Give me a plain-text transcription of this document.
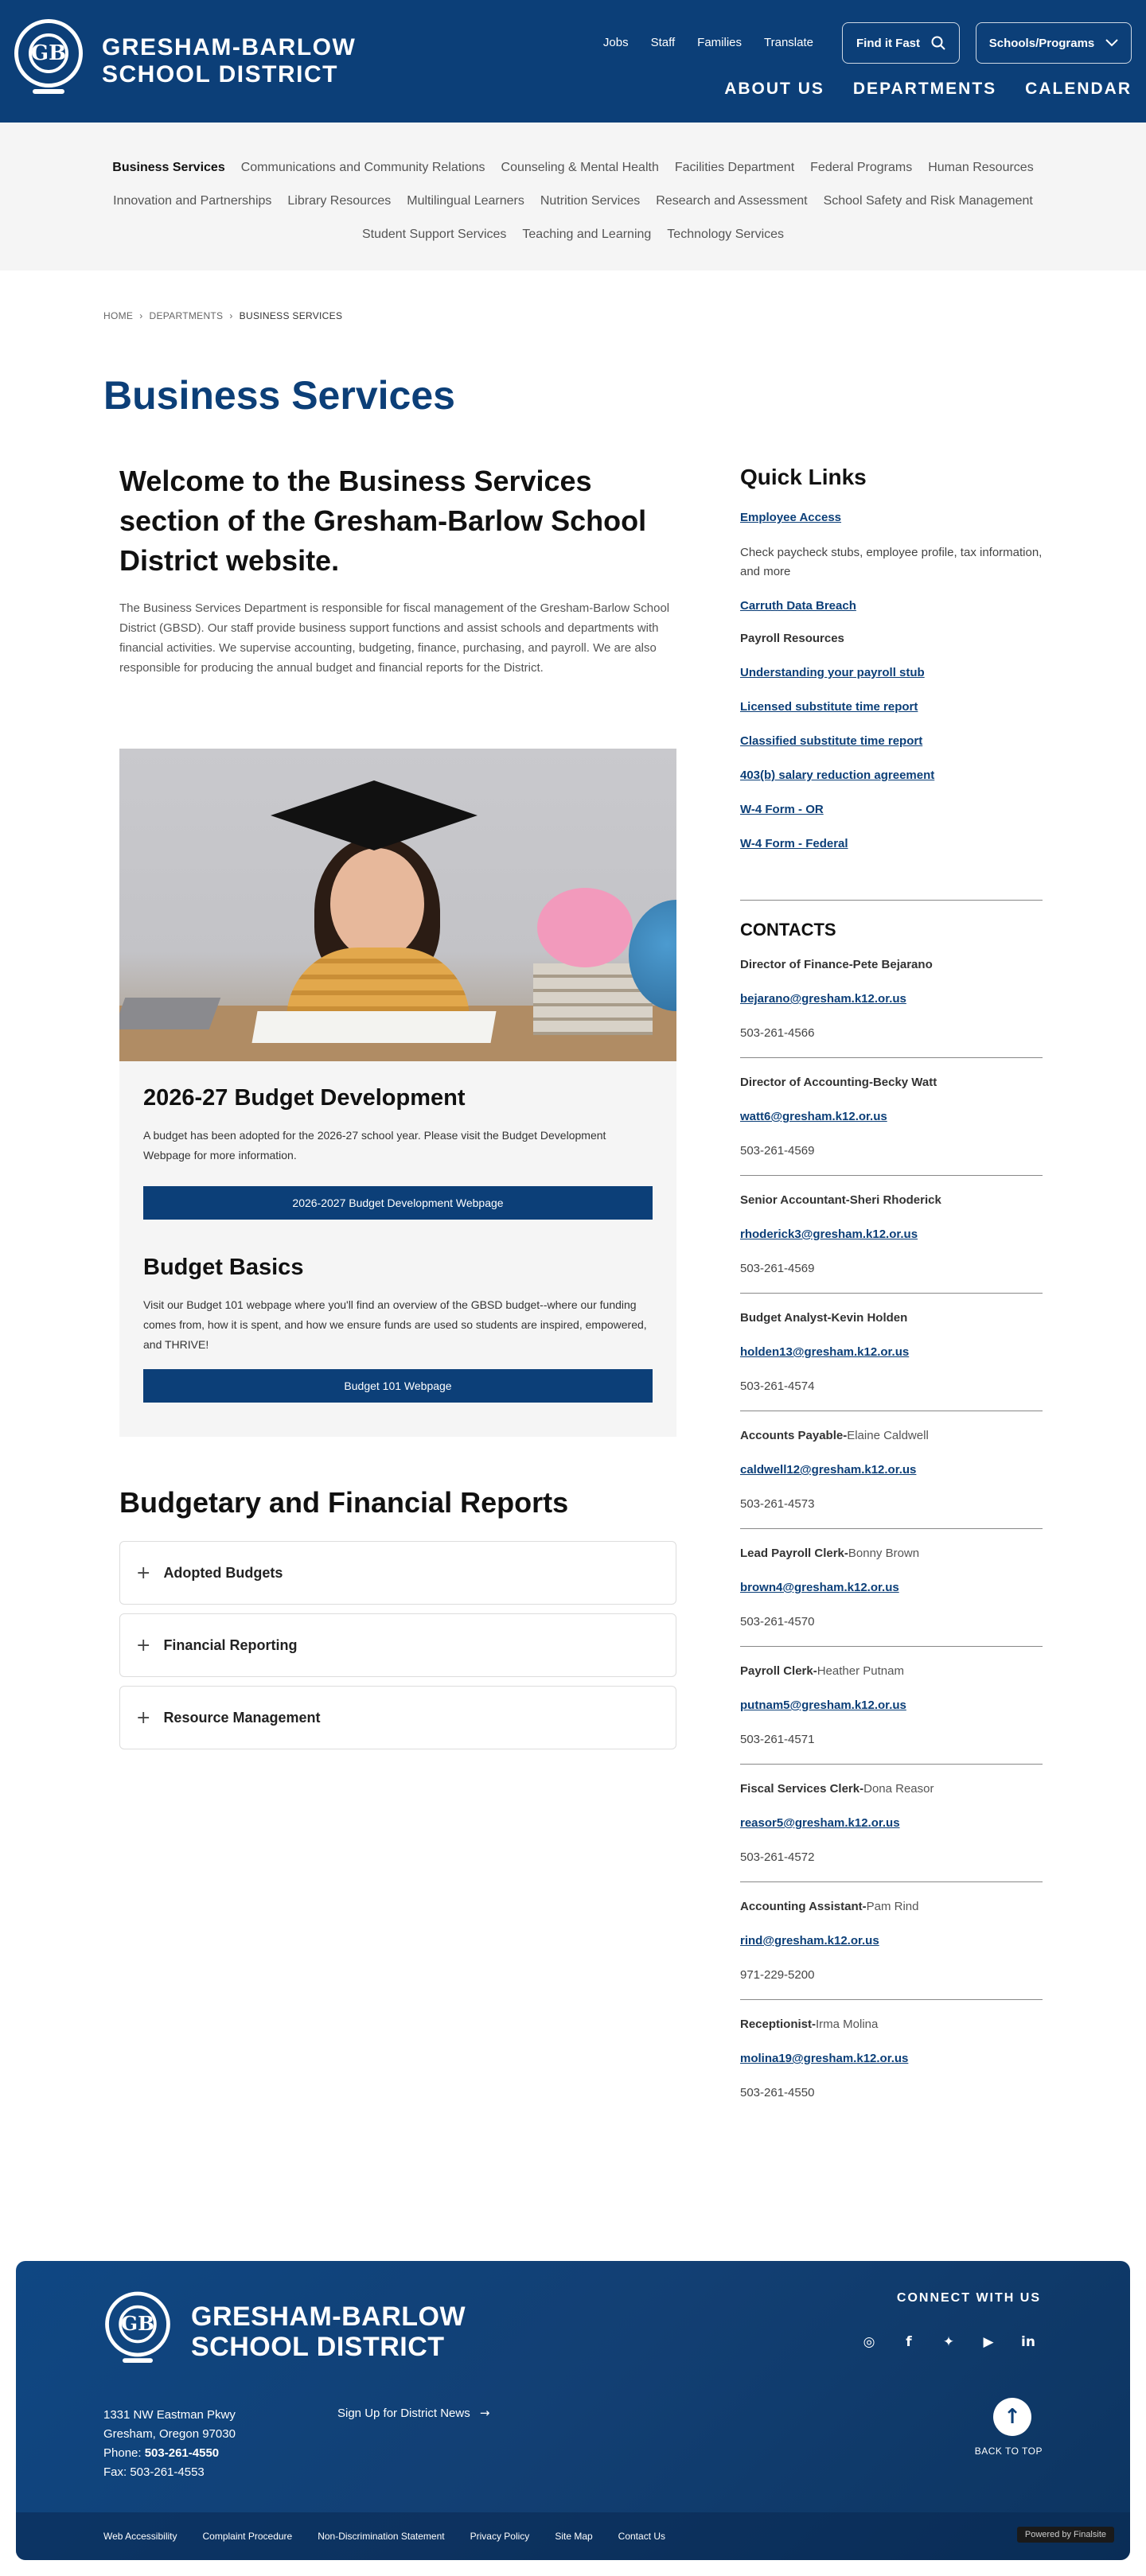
GB GRESHAM-BARLOW
SCHOOL DISTRICT
Jobs Staff Families Translate	Find it Fast	Schools/Programs
ABOUT US DEPARTMENTS CALENDAR
Business Services Communications and Community Relations Counseling & Mental Health Facilities Department Federal Programs Human Resources
Innovation and Partnerships Library Resources Multilingual Learners Nutrition Services Research and Assessment School Safety and Risk Management
Student Support Services Teaching and Learning Technology Services
HOME › DEPARTMENTS › BUSINESS SERVICES
Business Services
Welcome to the Business Services section of the Gresham-Barlow School District website.

The Business Services Department is responsible for fiscal management of the Gresham-Barlow School District (GBSD). Our staff provide business support functions and assist schools and departments with financial activities. We supervise accounting, budgeting, finance, purchasing, and payroll. We are also responsible for producing the annual budget and financial reports for the District.

2026-27 Budget Development

A budget has been adopted for the 2026-27 school year. Please visit the Budget Development Webpage for more information.

2026-2027 Budget Development Webpage
Budget Basics

Visit our Budget 101 webpage where you'll find an overview of the GBSD budget--where our funding comes from, how it is spent, and how we ensure funds are used so students are inspired, empowered, and THRIVE!

Budget 101 Webpage
Budgetary and Financial Reports
+ Adopted Budgets
+ Financial Reporting
+ Resource Management
Quick Links
Employee Access

Check paycheck stubs, employee profile, tax information, and more

Carruth Data Breach

Payroll Resources

Understanding your payroll stub
Licensed substitute time report
Classified substitute time report
403(b) salary reduction agreement
W-4 Form - OR
W-4 Form - Federal
CONTACTS

Director of Finance-Pete Bejarano

bejarano@gresham.k12.or.us

503-261-4566

Director of Accounting-Becky Watt

watt6@gresham.k12.or.us

503-261-4569

Senior Accountant-Sheri Rhoderick

rhoderick3@gresham.k12.or.us

503-261-4569

Budget Analyst-Kevin Holden

holden13@gresham.k12.or.us

503-261-4574

Accounts Payable-Elaine Caldwell

caldwell12@gresham.k12.or.us

503-261-4573

Lead Payroll Clerk-Bonny Brown

brown4@gresham.k12.or.us

503-261-4570

Payroll Clerk-Heather Putnam

putnam5@gresham.k12.or.us

503-261-4571

Fiscal Services Clerk-Dona Reasor

reasor5@gresham.k12.or.us

503-261-4572

Accounting Assistant-Pam Rind

rind@gresham.k12.or.us

971-229-5200

Receptionist-Irma Molina

molina19@gresham.k12.or.us

503-261-4550

GB GRESHAM-BARLOW
SCHOOL DISTRICT
1331 NW Eastman Pkwy
Gresham, Oregon 97030
Phone: 503-261-4550
Fax: 503-261-4553
Sign Up for District News →
CONNECT WITH US
◎	f	✦ ▶ in
↑
BACK TO TOP
Web Accessibility	Complaint Procedure	Non-Discrimination Statement	Privacy Policy	Site Map	Contact Us	Powered by Finalsite
